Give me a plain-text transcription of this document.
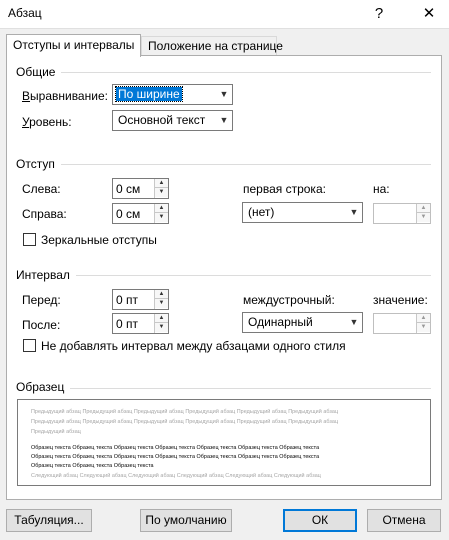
Абзац	?	✕
Отступы и интервалы	Положение на странице
Общие
Выравнивание: По ширине	▼
Уровень:	Основной текст	▼
Отступ
Слева:	0 см	▲
▼
Справа:	0 см	▲
▼
первая строка:
(нет)	▼
на:
▲
▼
Зеркальные отступы
Интервал
Перед:	0 пт	▲
▼
После:	0 пт	▲
▼
междустрочный:
Одинарный	▼
значение:
▲
▼
Не добавлять интервал между абзацами одного стиля
Образец
Предыдущий абзац Предыдущий абзац Предыдущий абзац Предыдущий абзац Предыдущий абзац Предыдущий абзац
Предыдущий абзац Предыдущий абзац Предыдущий абзац Предыдущий абзац Предыдущий абзац Предыдущий абзац
Предыдущий абзац
Образец текста Образец текста Образец текста Образец текста Образец текста Образец текста Образец текста
Образец текста Образец текста Образец текста Образец текста Образец текста Образец текста Образец текста
Образец текста Образец текста Образец текста
Следующий абзац Следующий абзац Следующий абзац Следующий абзац Следующий абзац Следующий абзац
Табуляция...	По умолчанию	ОК	Отмена
